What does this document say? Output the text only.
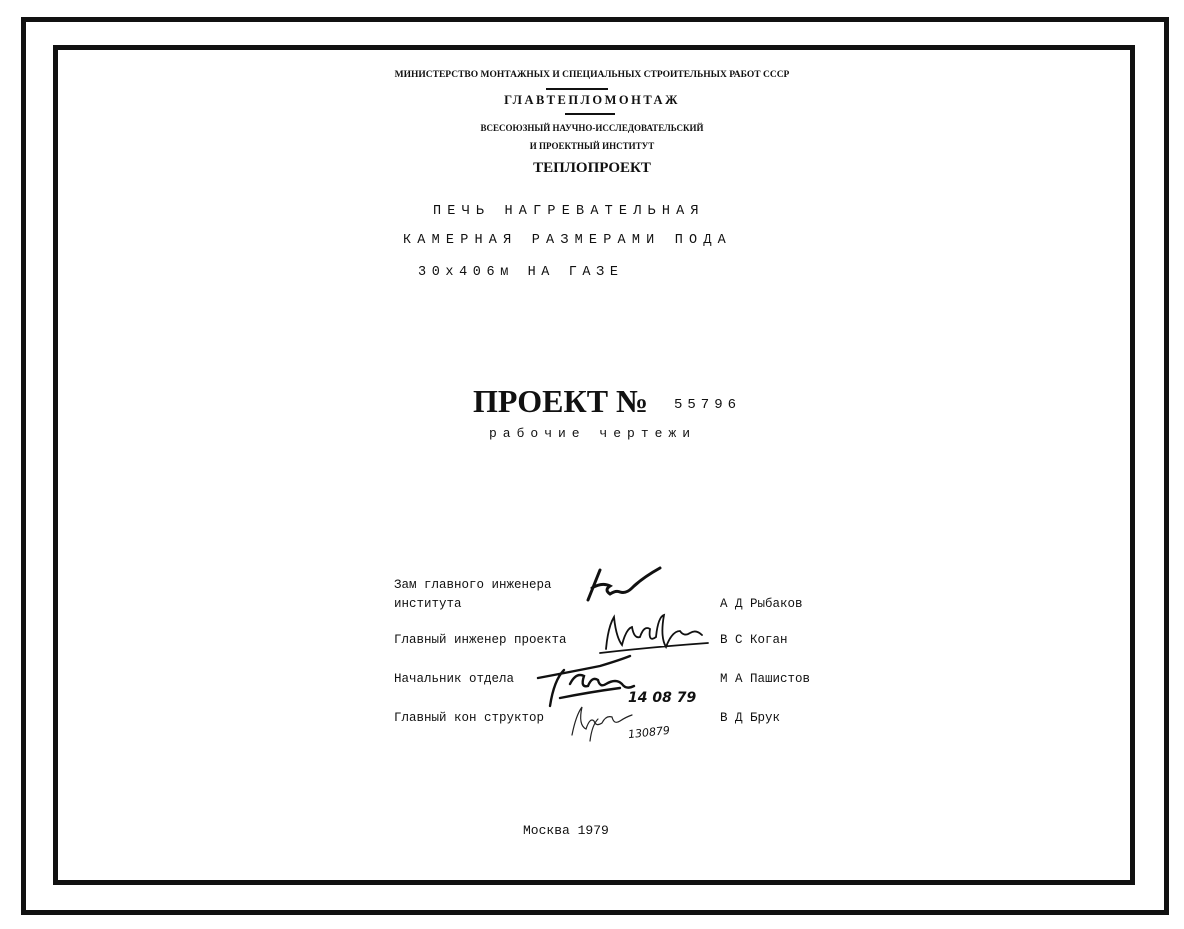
МИНИСТЕРСТВО МОНТАЖНЫХ И СПЕЦИАЛЬНЫХ СТРОИТЕЛЬНЫХ РАБОТ СССР
ГЛАВТЕПЛОМОНТАЖ
ВСЕСОЮЗНЫЙ НАУЧНО-ИССЛЕДОВАТЕЛЬСКИЙ
И ПРОЕКТНЫЙ ИНСТИТУТ
ТЕПЛОПРОЕКТ
ПЕЧЬ НАГРЕВАТЕЛЬНАЯ
КАМЕРНАЯ РАЗМЕРАМИ ПОДА
30х406м НА ГАЗЕ
ПРОЕКТ № 55796
рабочие чертежи
Зам главного инженера
института	А Д Рыбаков
Главный инженер проекта	В С Коган
Начальник отдела	М А Пашистов
Главный кон структор	В Д Брук
14 08 79
130879
Москва 1979
